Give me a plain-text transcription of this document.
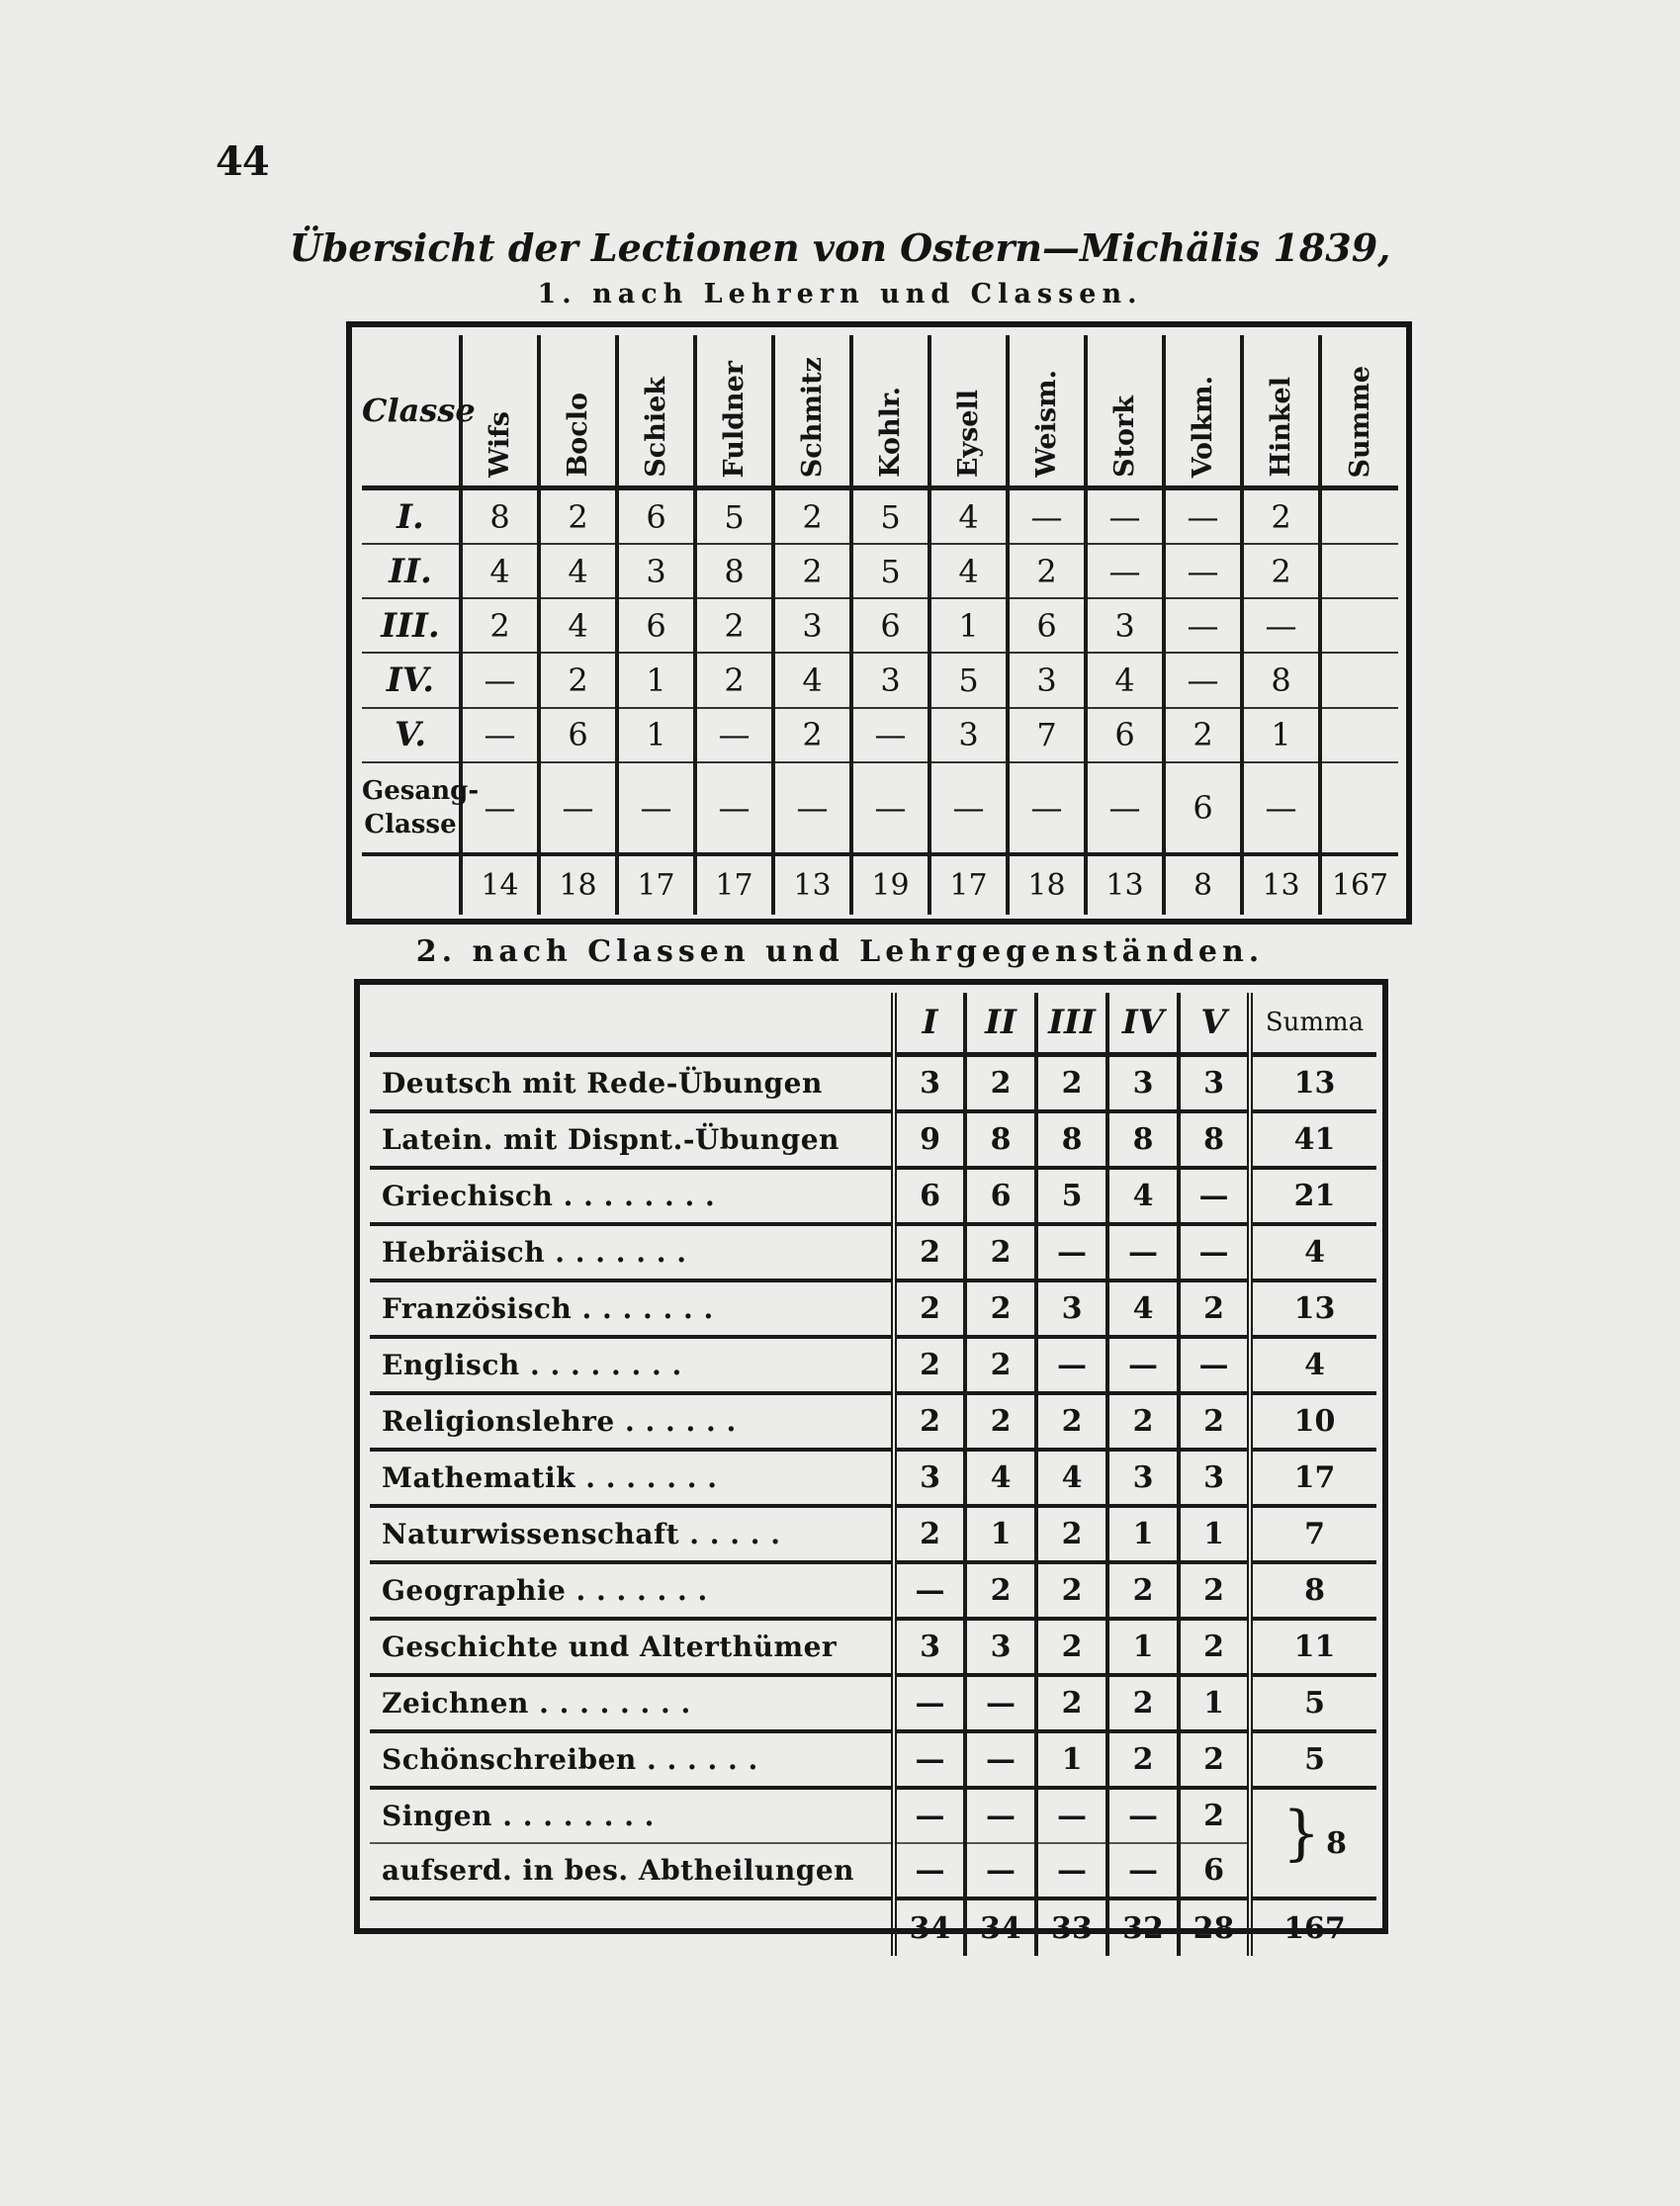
44
Übersicht der Lectionen von Ostern—Michälis 1839,
1. nach Lehrern und Classen.
Classe	Wifs	Boclo	Schiek	Fuldner	Schmitz	Kohlr.	Eysell	Weism.	Stork	Volkm.	Hinkel	Summe
I.	8	2	6	5	2	5	4	—	—	—	2	
II.	4	4	3	8	2	5	4	2	—	—	2	
III.	2	4	6	2	3	6	1	6	3	—	—	
IV.	—	2	1	2	4	3	5	3	4	—	8	
V.	—	6	1	—	2	—	3	7	6	2	1	
Gesang-
Classe	—	—	—	—	—	—	—	—	—	6	—	
	14	18	17	17	13	19	17	18	13	8	13	167
2. nach Classen und Lehrgegenständen.
	I	II	III	IV	V	Summa
Deutsch mit Rede-Übungen	3	2	2	3	3	13
Latein. mit Dispnt.-Übungen	9	8	8	8	8	41
Griechisch . . . . . . . .	6	6	5	4	—	21
Hebräisch . . . . . . .	2	2	—	—	—	4
Französisch . . . . . . .	2	2	3	4	2	13
Englisch . . . . . . . .	2	2	—	—	—	4
Religionslehre . . . . . .	2	2	2	2	2	10
Mathematik . . . . . . .	3	4	4	3	3	17
Naturwissenschaft . . . . .	2	1	2	1	1	7
Geographie . . . . . . .	—	2	2	2	2	8
Geschichte und Alterthümer	3	3	2	1	2	11
Zeichnen . . . . . . . .	—	—	2	2	1	5
Schönschreiben . . . . . .	—	—	1	2	2	5
Singen . . . . . . . .	—	—	—	—	2	} 8
aufserd. in bes. Abtheilungen	—	—	—	—	6	
	34	34	33	32	28	167
